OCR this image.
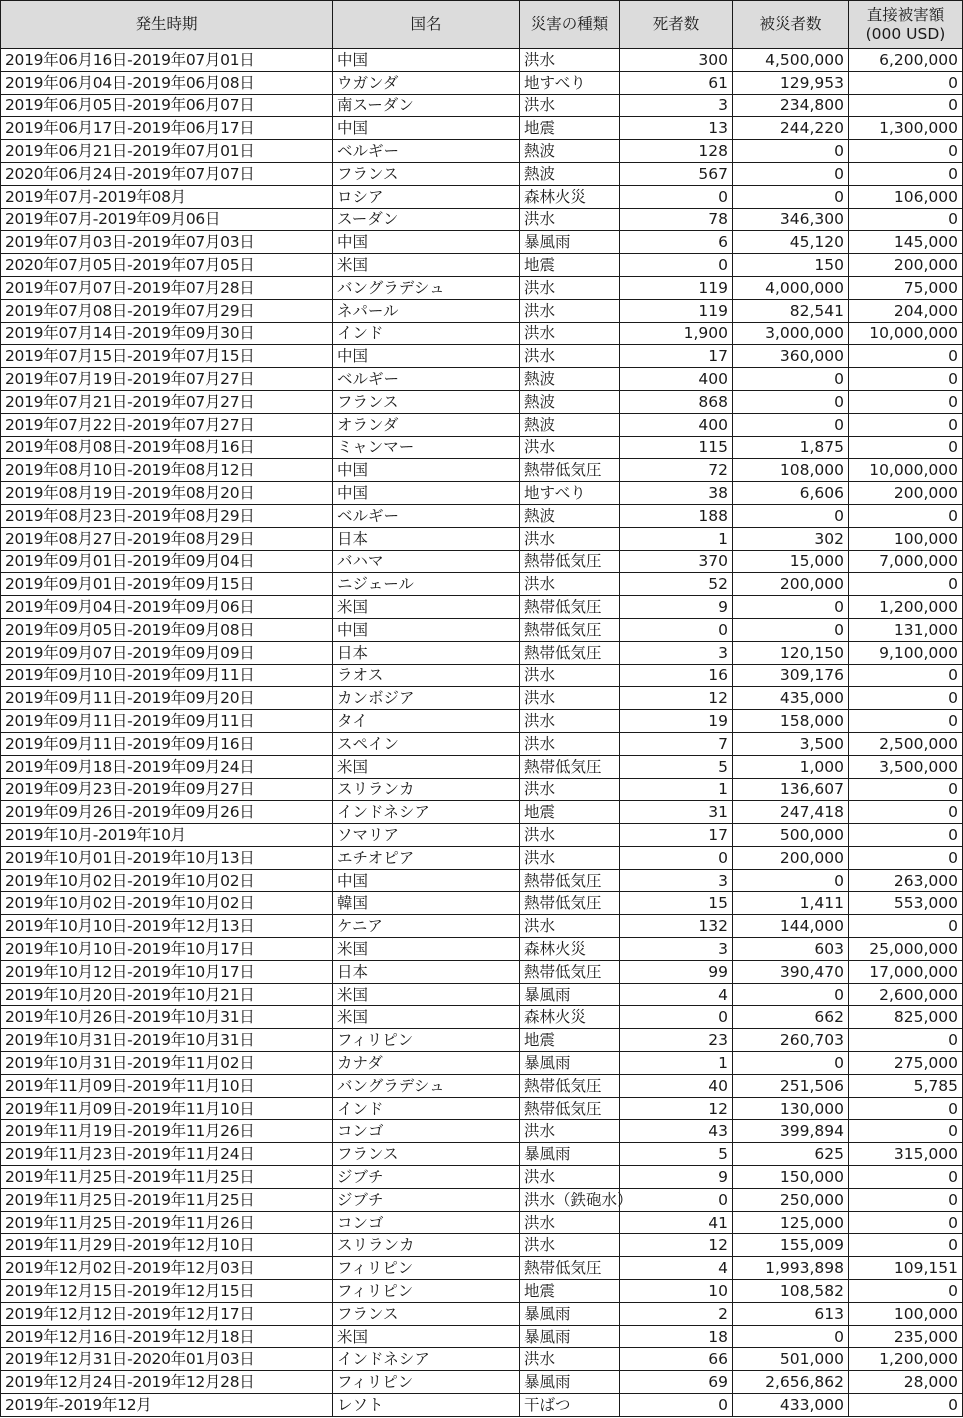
発生時期	国名	災害の種類	死者数	被災者数	直接被害額
(000 USD)
2019年06月16日-2019年07月01日	中国	洪水	300	4,500,000	6,200,000
2019年06月04日-2019年06月08日	ウガンダ	地すべり	61	129,953	0
2019年06月05日-2019年06月07日	南スーダン	洪水	3	234,800	0
2019年06月17日-2019年06月17日	中国	地震	13	244,220	1,300,000
2019年06月21日-2019年07月01日	ベルギー	熱波	128	0	0
2020年06月24日-2019年07月07日	フランス	熱波	567	0	0
2019年07月-2019年08月	ロシア	森林火災	0	0	106,000
2019年07月-2019年09月06日	スーダン	洪水	78	346,300	0
2019年07月03日-2019年07月03日	中国	暴風雨	6	45,120	145,000
2020年07月05日-2019年07月05日	米国	地震	0	150	200,000
2019年07月07日-2019年07月28日	バングラデシュ	洪水	119	4,000,000	75,000
2019年07月08日-2019年07月29日	ネパール	洪水	119	82,541	204,000
2019年07月14日-2019年09月30日	インド	洪水	1,900	3,000,000	10,000,000
2019年07月15日-2019年07月15日	中国	洪水	17	360,000	0
2019年07月19日-2019年07月27日	ベルギー	熱波	400	0	0
2019年07月21日-2019年07月27日	フランス	熱波	868	0	0
2019年07月22日-2019年07月27日	オランダ	熱波	400	0	0
2019年08月08日-2019年08月16日	ミャンマー	洪水	115	1,875	0
2019年08月10日-2019年08月12日	中国	熱帯低気圧	72	108,000	10,000,000
2019年08月19日-2019年08月20日	中国	地すべり	38	6,606	200,000
2019年08月23日-2019年08月29日	ベルギー	熱波	188	0	0
2019年08月27日-2019年08月29日	日本	洪水	1	302	100,000
2019年09月01日-2019年09月04日	バハマ	熱帯低気圧	370	15,000	7,000,000
2019年09月01日-2019年09月15日	ニジェール	洪水	52	200,000	0
2019年09月04日-2019年09月06日	米国	熱帯低気圧	9	0	1,200,000
2019年09月05日-2019年09月08日	中国	熱帯低気圧	0	0	131,000
2019年09月07日-2019年09月09日	日本	熱帯低気圧	3	120,150	9,100,000
2019年09月10日-2019年09月11日	ラオス	洪水	16	309,176	0
2019年09月11日-2019年09月20日	カンボジア	洪水	12	435,000	0
2019年09月11日-2019年09月11日	タイ	洪水	19	158,000	0
2019年09月11日-2019年09月16日	スペイン	洪水	7	3,500	2,500,000
2019年09月18日-2019年09月24日	米国	熱帯低気圧	5	1,000	3,500,000
2019年09月23日-2019年09月27日	スリランカ	洪水	1	136,607	0
2019年09月26日-2019年09月26日	インドネシア	地震	31	247,418	0
2019年10月-2019年10月	ソマリア	洪水	17	500,000	0
2019年10月01日-2019年10月13日	エチオピア	洪水	0	200,000	0
2019年10月02日-2019年10月02日	中国	熱帯低気圧	3	0	263,000
2019年10月02日-2019年10月02日	韓国	熱帯低気圧	15	1,411	553,000
2019年10月10日-2019年12月13日	ケニア	洪水	132	144,000	0
2019年10月10日-2019年10月17日	米国	森林火災	3	603	25,000,000
2019年10月12日-2019年10月17日	日本	熱帯低気圧	99	390,470	17,000,000
2019年10月20日-2019年10月21日	米国	暴風雨	4	0	2,600,000
2019年10月26日-2019年10月31日	米国	森林火災	0	662	825,000
2019年10月31日-2019年10月31日	フィリピン	地震	23	260,703	0
2019年10月31日-2019年11月02日	カナダ	暴風雨	1	0	275,000
2019年11月09日-2019年11月10日	バングラデシュ	熱帯低気圧	40	251,506	5,785
2019年11月09日-2019年11月10日	インド	熱帯低気圧	12	130,000	0
2019年11月19日-2019年11月26日	コンゴ	洪水	43	399,894	0
2019年11月23日-2019年11月24日	フランス	暴風雨	5	625	315,000
2019年11月25日-2019年11月25日	ジブチ	洪水	9	150,000	0
2019年11月25日-2019年11月25日	ジブチ	洪水（鉄砲水）	0	250,000	0
2019年11月25日-2019年11月26日	コンゴ	洪水	41	125,000	0
2019年11月29日-2019年12月10日	スリランカ	洪水	12	155,009	0
2019年12月02日-2019年12月03日	フィリピン	熱帯低気圧	4	1,993,898	109,151
2019年12月15日-2019年12月15日	フィリピン	地震	10	108,582	0
2019年12月12日-2019年12月17日	フランス	暴風雨	2	613	100,000
2019年12月16日-2019年12月18日	米国	暴風雨	18	0	235,000
2019年12月31日-2020年01月03日	インドネシア	洪水	66	501,000	1,200,000
2019年12月24日-2019年12月28日	フィリピン	暴風雨	69	2,656,862	28,000
2019年-2019年12月	レソト	干ばつ	0	433,000	0
